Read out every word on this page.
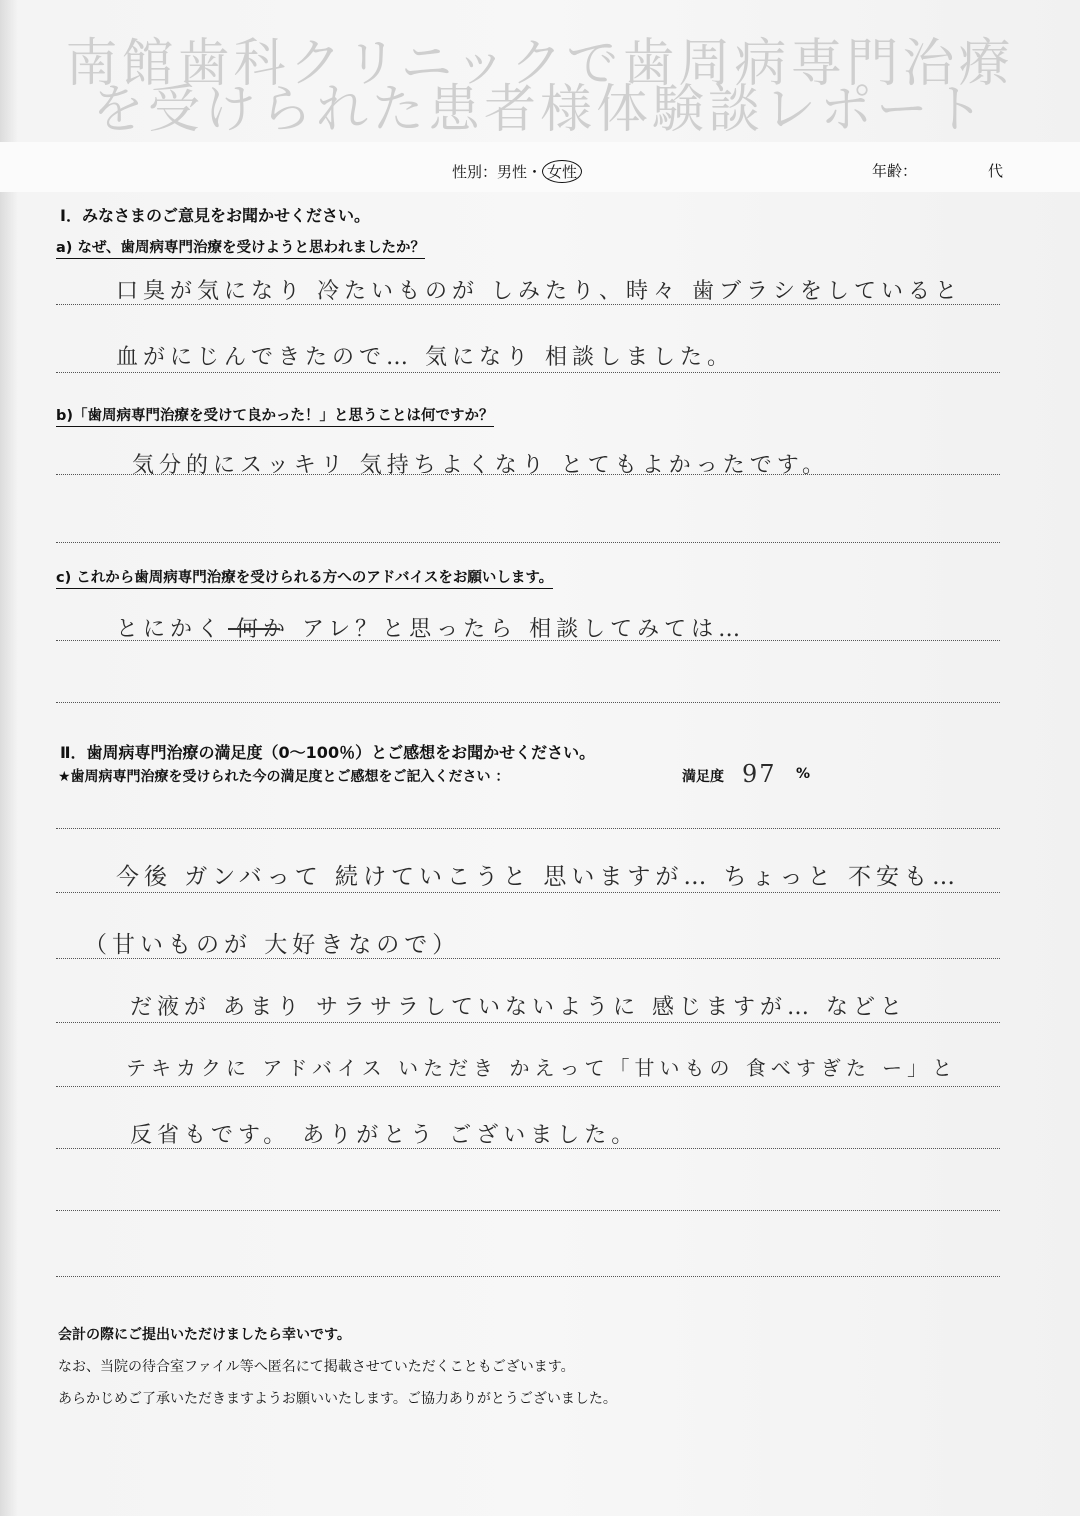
南館歯科クリニックで歯周病専門治療
を受けられた患者様体験談レポート
性別：男性・ 女性	年齢：	代
Ⅰ．みなさまのご意見をお聞かせください。
a) なぜ、歯周病専門治療を受けようと思われましたか？
口臭が気になり 冷たいものが しみたり、時々 歯ブラシをしていると
血がにじんできたので… 気になり 相談しました。
b)「歯周病専門治療を受けて良かった！」と思うことは何ですか？
気分的にスッキリ 気持ちよくなり とてもよかったです。
c) これから歯周病専門治療を受けられる方へのアドバイスをお願いします。
とにかく 何か アレ？と思ったら 相談してみては…
Ⅱ．歯周病専門治療の満足度（0～100％）とご感想をお聞かせください。
★歯周病専門治療を受けられた今の満足度とご感想をご記入ください ：	満足度 97 %
今後 ガンバって 続けていこうと 思いますが… ちょっと 不安も…
（甘いものが 大好きなので）
だ液が あまり サラサラしていないように 感じますが… などと
テキカクに アドバイス いただき かえって「甘いもの 食べすぎた ー」と
反省もです。 ありがとう ございました。
会計の際にご提出いただけましたら幸いです。
なお、当院の待合室ファイル等へ匿名にて掲載させていただくこともございます。
あらかじめご了承いただきますようお願いいたします。ご協力ありがとうございました。
